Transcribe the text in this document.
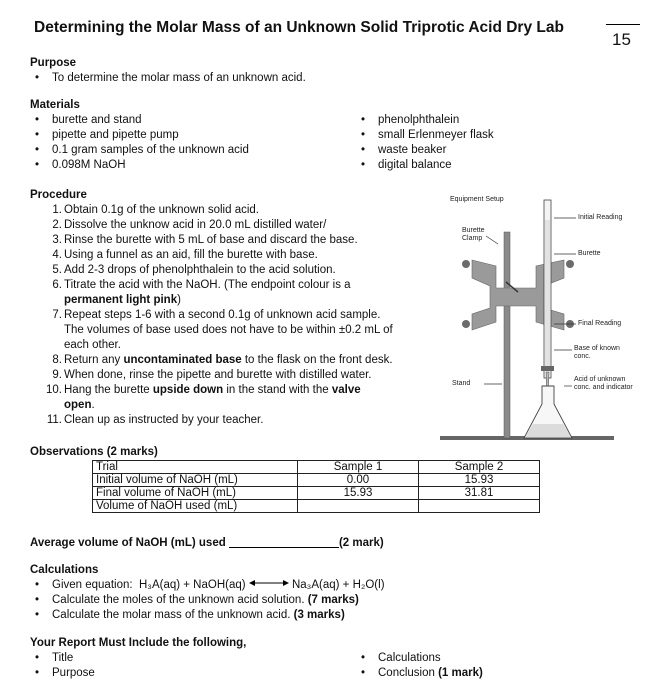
Determining the Molar Mass of an Unknown Solid Triprotic Acid Dry Lab
15
Purpose
• To determine the molar mass of an unknown acid.
Materials
• burette and stand
• pipette and pipette pump
• 0.1 gram samples of the unknown acid
• 0.098M NaOH
• phenolphthalein
• small Erlenmeyer flask
• waste beaker
• digital balance
Procedure
1. Obtain 0.1g of the unknown solid acid.
2. Dissolve the unknow acid in 20.0 mL distilled water/
3. Rinse the burette with 5 mL of base and discard the base.
4. Using a funnel as an aid, fill the burette with base.
5. Add 2-3 drops of phenolphthalein to the acid solution.
6. Titrate the acid with the NaOH. (The endpoint colour is a
permanent light pink)
7. Repeat steps 1-6 with a second 0.1g of unknown acid sample.
The volumes of base used does not have to be within ±0.2 mL of
each other.
8. Return any uncontaminated base to the flask on the front desk.
9. When done, rinse the pipette and burette with distilled water.
10. Hang the burette upside down in the stand with the valve
open.
11. Clean up as instructed by your teacher.
Equipment Setup
Burette
Clamp
Initial Reading
Burette
Final Reading
Base of known
conc.
Stand
Acid of unknown
conc. and indicator
Observations (2 marks)
Trial	Sample 1	Sample 2
Initial volume of NaOH (mL)	0.00	15.93
Final volume of NaOH (mL)	15.93	31.81
Volume of NaOH used (mL)		
Average volume of NaOH (mL) used	(2 mark)
Calculations
• Given equation: H₃A(aq) + NaOH(aq)	Na₃A(aq) + H₂O(l)
• Calculate the moles of the unknown acid solution. (7 marks)
• Calculate the molar mass of the unknown acid. (3 marks)
Your Report Must Include the following,
• Title
• Purpose
• Calculations
• Conclusion (1 mark)
